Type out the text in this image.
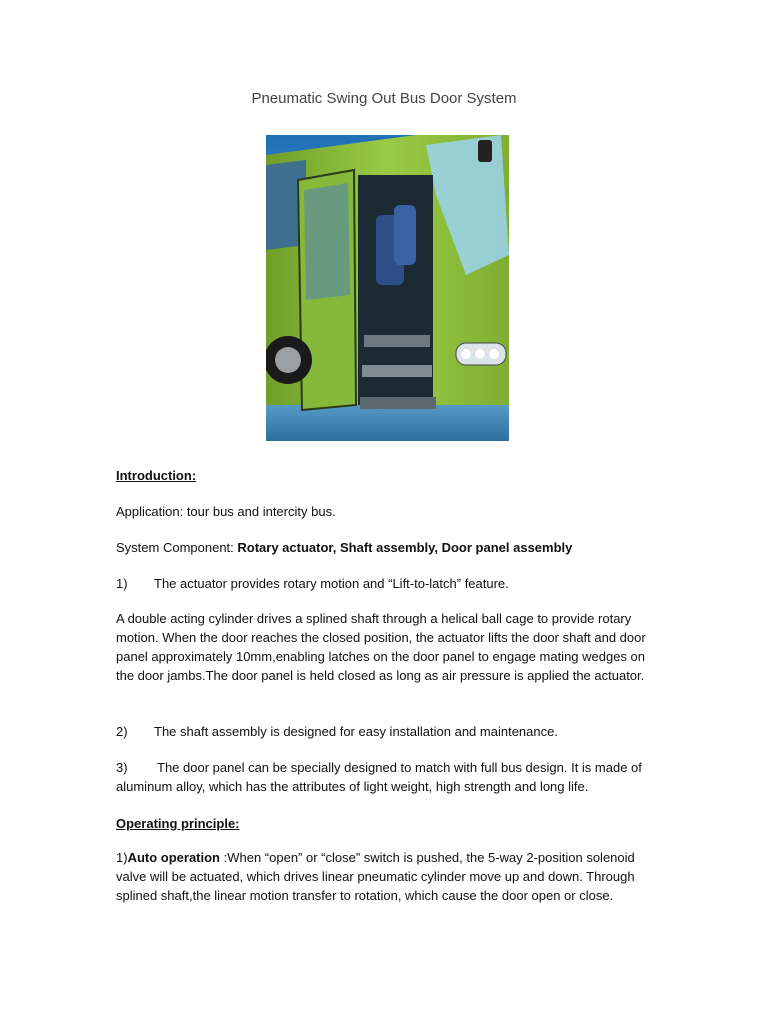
Pneumatic Swing Out Bus Door System
Introduction:
Application: tour bus and intercity bus.
System Component: Rotary actuator, Shaft assembly, Door panel assembly
1) The actuator provides rotary motion and “Lift-to-latch” feature.
A double acting cylinder drives a splined shaft through a helical ball cage to provide rotary motion. When the door reaches the closed position, the actuator lifts the door shaft and door panel approximately 10mm,enabling latches on the door panel to engage mating wedges on the door jambs.The door panel is held closed as long as air pressure is applied the actuator.
2) The shaft assembly is designed for easy installation and maintenance.
3) The door panel can be specially designed to match with full bus design. It is made of aluminum alloy, which has the attributes of light weight, high strength and long life.
Operating principle:
1)Auto operation :When “open” or “close” switch is pushed, the 5-way 2-position solenoid valve will be actuated, which drives linear pneumatic cylinder move up and down. Through splined shaft,the linear motion transfer to rotation, which cause the door open or close.
